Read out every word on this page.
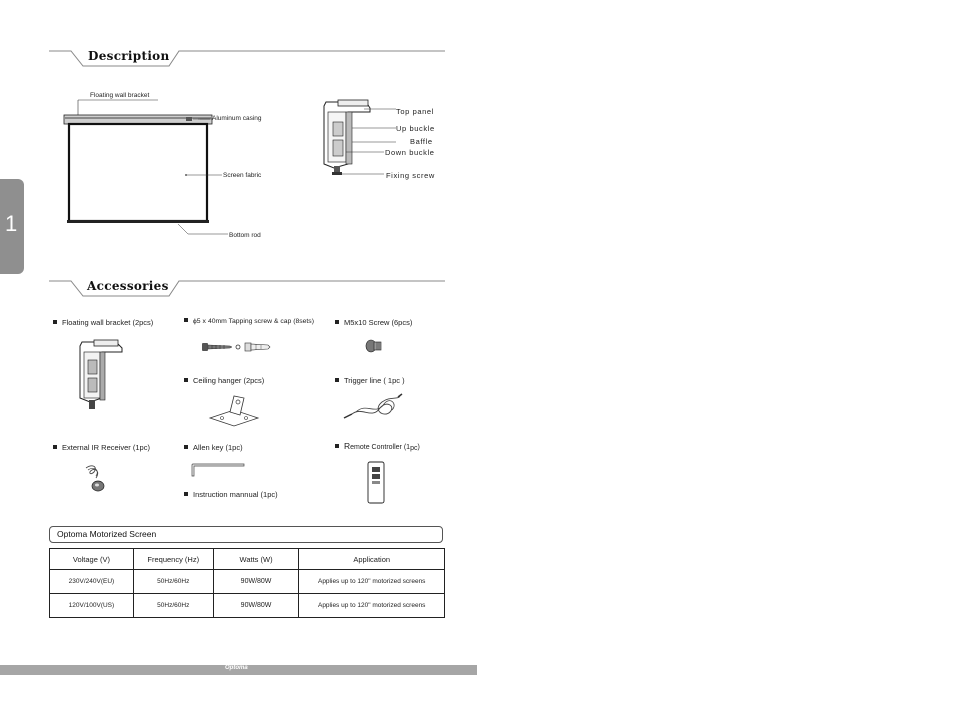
1
Description
Floating wall bracket
Aluminum casing
Screen fabric
Bottom rod
Top panel
Up buckle
Baffle
Down buckle
Fixing screw
Accessories
Floating wall bracket (2pcs)	ɸ5 x 40mm Tapping screw & cap (8sets)	M5x10 Screw (6pcs)
Ceiling hanger (2pcs)	Trigger line ( 1pc )
External IR Receiver (1pc)	Allen key (1pc)	Remote Controller (1pc)
Instruction mannual (1pc)
Optoma Motorized Screen
Voltage (V)	Frequency (Hz)	Watts (W)	Application
230V/240V(EU)	50Hz/60Hz	90W/80W	Applies up to 120" motorized screens
120V/100V(US)	50Hz/60Hz	90W/80W	Applies up to 120" motorized screens
Optoma
